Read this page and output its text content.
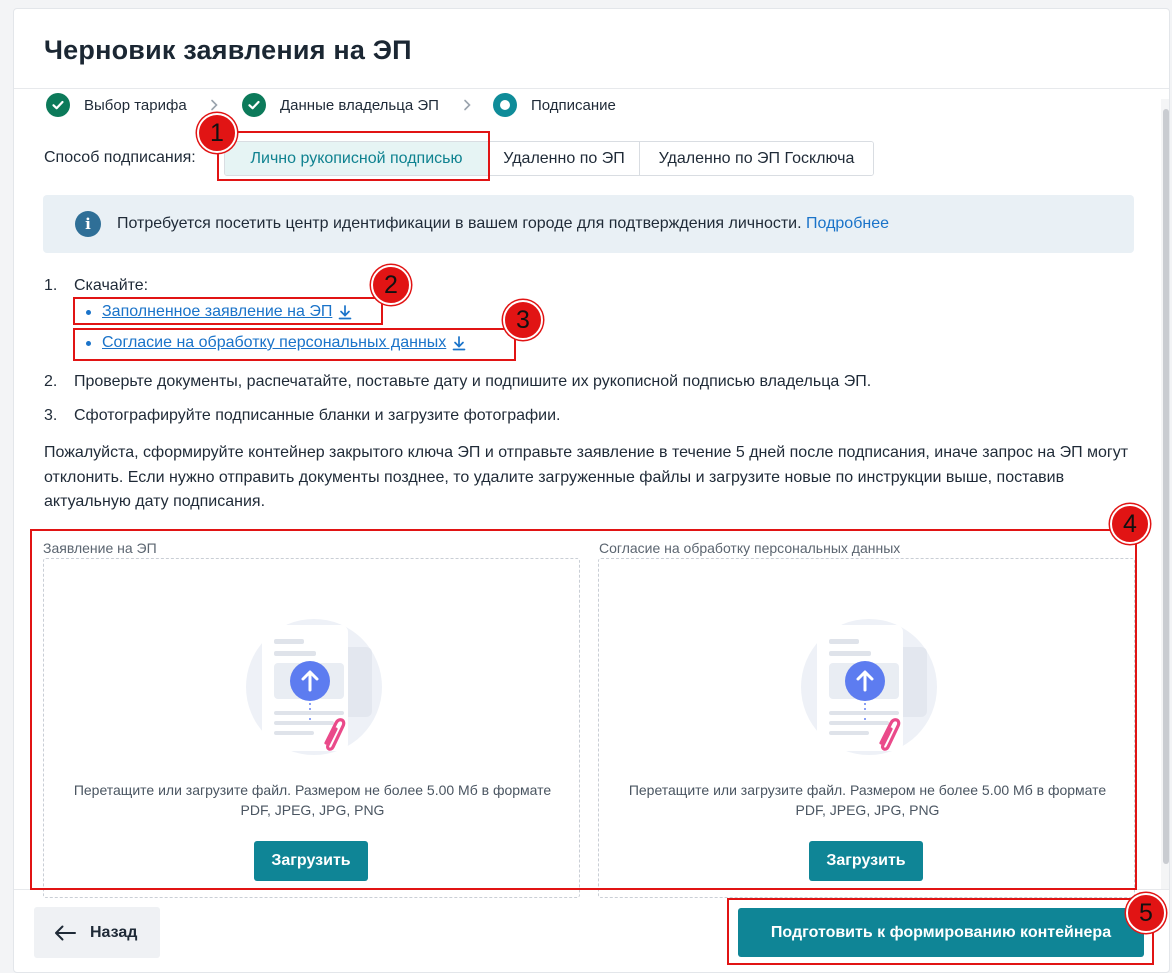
Черновик заявления на ЭП
Выбор тарифа	Данные владельца ЭП	Подписание
Способ подписания:	Лично рукописной подписью	Удаленно по ЭП	Удаленно по ЭП Госключа
i	Потребуется посетить центр идентификации в вашем городе для подтверждения личности.
Подробнее
1.	Скачайте:
Заполненное заявление на ЭП
Согласие на обработку персональных данных
2.	Проверьте документы, распечатайте, поставьте дату и подпишите их рукописной подписью владельца ЭП.
3.	Сфотографируйте подписанные бланки и загрузите фотографии.

Пожалуйста, сформируйте контейнер закрытого ключа ЭП и отправьте заявление в течение 5 дней после подписания, иначе запрос на ЭП могут отклонить. Если нужно отправить документы позднее, то удалите загруженные файлы и загрузите новые по инструкции выше, поставив актуальную дату подписания.

Заявление на ЭП
Перетащите или загрузите файл. Размером не более 5.00 Мб в формате PDF, JPEG, JPG, PNG
Загрузить
Согласие на обработку персональных данных
Перетащите или загрузите файл. Размером не более 5.00 Мб в формате PDF, JPEG, JPG, PNG
Загрузить
Назад	Подготовить к формированию контейнера
1
2
3
4
5
